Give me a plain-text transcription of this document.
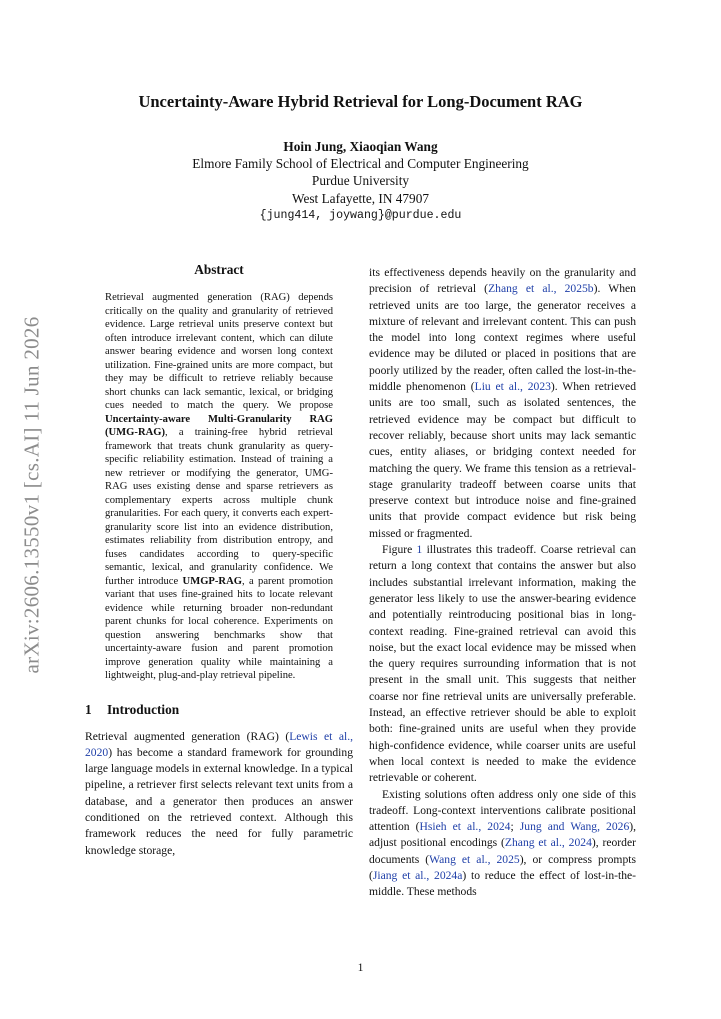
arXiv:2606.13550v1 [cs.AI] 11 Jun 2026
Uncertainty-Aware Hybrid Retrieval for Long-Document RAG
Hoin Jung, Xiaoqian Wang
Elmore Family School of Electrical and Computer Engineering
Purdue University
West Lafayette, IN 47907
{jung414, joywang}@purdue.edu
Abstract

Retrieval augmented generation (RAG) depends critically on the quality and granularity of retrieved evidence. Large retrieval units preserve context but often introduce irrelevant content, which can dilute answer bearing evidence and worsen long context utilization. Fine-grained units are more compact, but they may be difficult to retrieve reliably because short chunks can lack semantic, lexical, or bridging cues needed to match the query. We propose Uncertainty-aware Multi-Granularity RAG (UMG-RAG), a training-free hybrid retrieval framework that treats chunk granularity as query-specific reliability estimation. Instead of training a new retriever or modifying the generator, UMG-RAG uses existing dense and sparse retrievers as complementary experts across multiple chunk granularities. For each query, it converts each expert-granularity score list into an evidence distribution, estimates reliability from distribution entropy, and fuses candidates according to query-specific semantic, lexical, and granularity confidence. We further introduce UMGP-RAG, a parent promotion variant that uses fine-grained hits to locate relevant evidence while returning broader non-redundant parent chunks for local coherence. Experiments on question answering benchmarks show that uncertainty-aware fusion and parent promotion improve generation quality while maintaining a lightweight, plug-and-play retrieval pipeline.

1 Introduction

Retrieval augmented generation (RAG) (Lewis et al., 2020) has become a standard framework for grounding large language models in external knowledge. In a typical pipeline, a retriever first selects relevant text units from a database, and a generator then produces an answer conditioned on the retrieved context. Although this framework reduces the need for fully parametric knowledge storage,

its effectiveness depends heavily on the granularity and precision of retrieval (Zhang et al., 2025b). When retrieved units are too large, the generator receives a mixture of relevant and irrelevant content. This can push the model into long context regimes where useful evidence may be diluted or placed in positions that are poorly utilized by the reader, often called the lost-in-the-middle phenomenon (Liu et al., 2023). When retrieved units are too small, such as isolated sentences, the retrieved evidence may be compact but difficult to recover reliably, because short units may lack semantic cues, entity aliases, or bridging context needed for matching the query. We frame this tension as a retrieval-stage granularity tradeoff between coarse units that preserve context but introduce noise and fine-grained units that provide compact evidence but risk being missed or fragmented.

Figure 1 illustrates this tradeoff. Coarse retrieval can return a long context that contains the answer but also includes substantial irrelevant information, making the generator less likely to use the answer-bearing evidence and potentially reintroducing positional bias in long-context reading. Fine-grained retrieval can avoid this noise, but the exact local evidence may be missed when the query requires surrounding information that is not present in the small unit. This suggests that neither coarse nor fine retrieval units are universally preferable. Instead, an effective retriever should be able to exploit both: fine-grained units are useful when they provide high-confidence evidence, while coarser units are useful when local context is needed to make the evidence retrievable or coherent.

Existing solutions often address only one side of this tradeoff. Long-context interventions calibrate positional attention (Hsieh et al., 2024; Jung and Wang, 2026), adjust positional encodings (Zhang et al., 2024), reorder documents (Wang et al., 2025), or compress prompts (Jiang et al., 2024a) to reduce the effect of lost-in-the-middle. These methods

1
